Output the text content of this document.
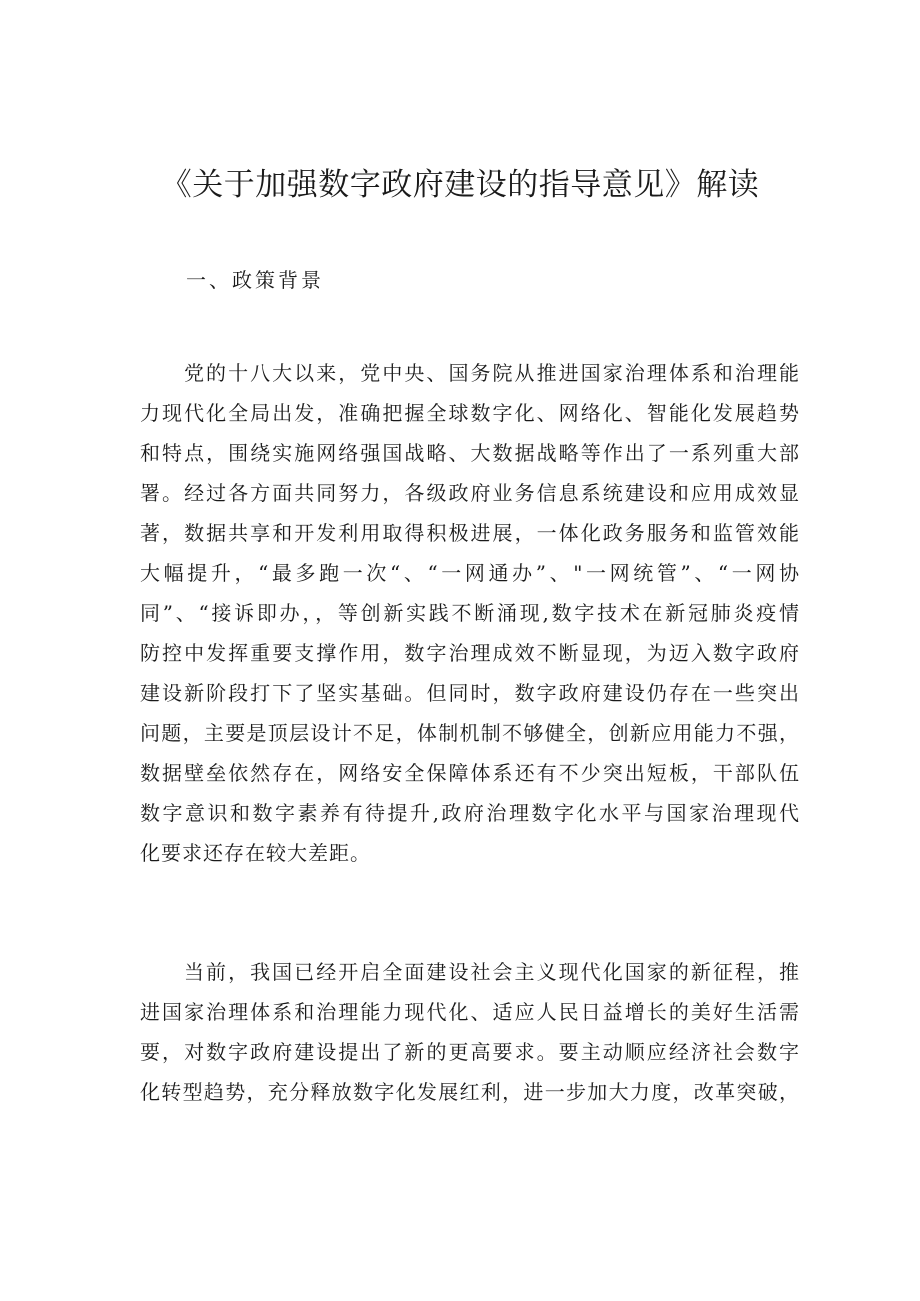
《关于加强数字政府建设的指导意见》解读
一、政策背景
党的十八大以来，党中央、国务院从推进国家治理体系和治理能
力现代化全局出发，准确把握全球数字化、网络化、智能化发展趋势
和特点，围绕实施网络强国战略、大数据战略等作出了一系列重大部
署。经过各方面共同努力，各级政府业务信息系统建设和应用成效显
著，数据共享和开发利用取得积极进展，一体化政务服务和监管效能
大幅提升，“最多跑一次“、“一网通办”、"一网统管”、“一网协
同”、“接诉即办，，等创新实践不断涌现,数字技术在新冠肺炎疫情
防控中发挥重要支撑作用，数字治理成效不断显现，为迈入数字政府
建设新阶段打下了坚实基础。但同时，数字政府建设仍存在一些突出
问题，主要是顶层设计不足，体制机制不够健全，创新应用能力不强，
数据壁垒依然存在，网络安全保障体系还有不少突出短板，干部队伍
数字意识和数字素养有待提升,政府治理数字化水平与国家治理现代
化要求还存在较大差距。
当前，我国已经开启全面建设社会主义现代化国家的新征程，推
进国家治理体系和治理能力现代化、适应人民日益增长的美好生活需
要，对数字政府建设提出了新的更高要求。要主动顺应经济社会数字
化转型趋势，充分释放数字化发展红利，进一步加大力度，改革突破，
